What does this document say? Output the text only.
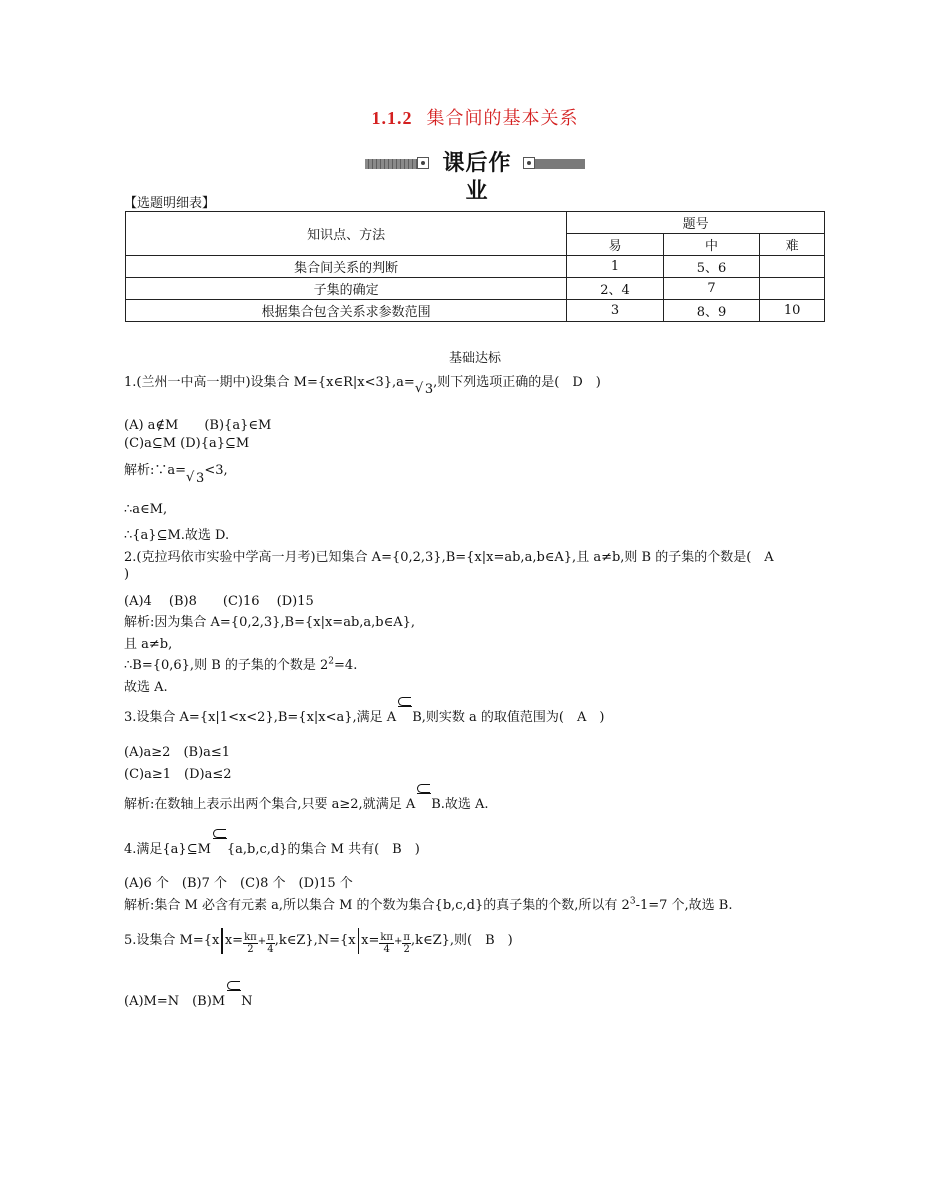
1.1.2 集合间的基本关系
课后作业
【选题明细表】
知识点、方法	题号		
	易	中	难
集合间关系的判断	1	5、6	
子集的确定	2、4	7	
根据集合包含关系求参数范围	3	8、9	10
基础达标
1.(兰州一中高一期中)设集合 M={x∈R|x<3},a= √ 3,则下列选项正确的是(　D　)
(A) a∉M　　(B){a}∈M
(C)a⊆M (D){a}⊆M
解析:∵a=√ 3<3,
∴a∈M,
∴{a}⊆M.故选 D.
2.(克拉玛依市实验中学高一月考)已知集合 A={0,2,3},B={x|x=ab,a,b∈A},且 a≠b,则 B 的子集的个数是(　A
)
(A)4　 (B)8　　(C)16　 (D)15
解析:因为集合 A={0,2,3},B={x|x=ab,a,b∈A},
且 a≠b,
∴B={0,6},则 B 的子集的个数是 $2^2=4$.
故选 A.
3.设集合 A={x|1<x<2},B={x|x<a},满足 A B,则实数 a 的取值范围为(　A　)
(A)a≥2　(B)a≤1
(C)a≥1　(D)a≤2
解析:在数轴上表示出两个集合,只要 a≥2,就满足 A B.故选 A.
4.满足{a}⊆M {a,b,c,d}的集合 M 共有(　B　)
(A)6 个　(B)7 个　(C)8 个　(D)15 个
解析:集合 M 必含有元素 a,所以集合 M 的个数为集合{b,c,d}的真子集的个数,所以有 $2^3-1=7$ 个,故选 B.
5.设集合 M={x $x= \frac{k\pi}{2} + \frac{\pi}{4}$ ,k∈Z},N={x $x= \frac{k\pi}{4} + \frac{\pi}{2}$ ,k∈Z},则(　B　)
(A)M=N　(B)M N
